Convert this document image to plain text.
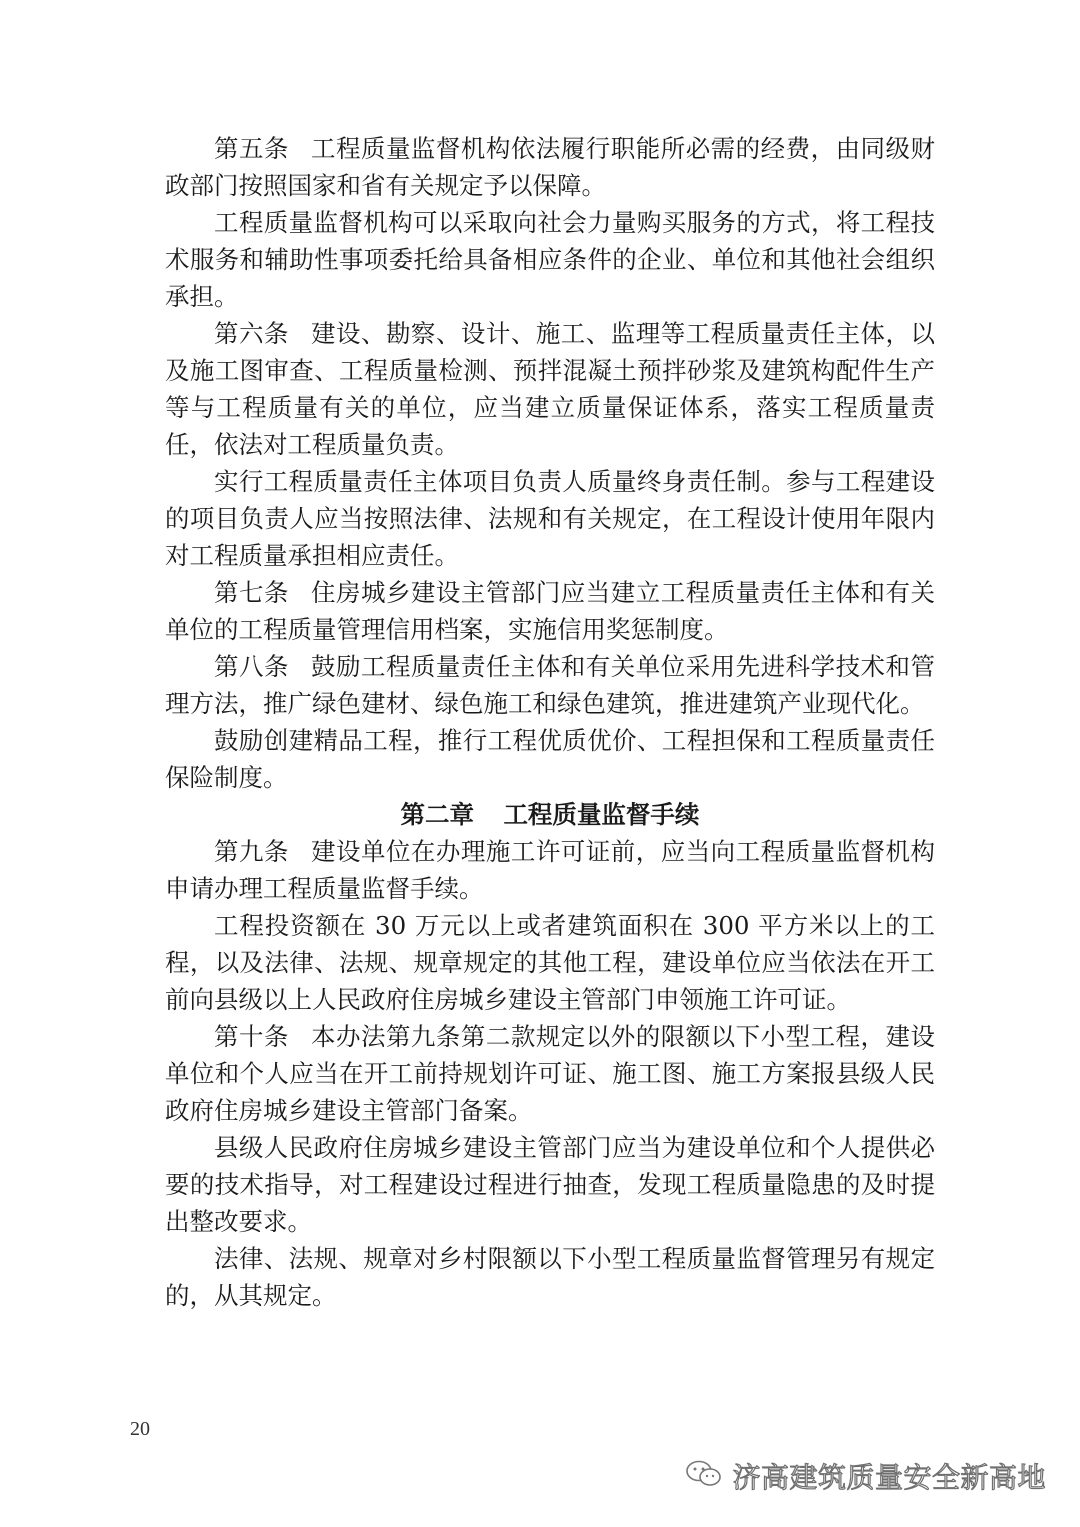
第五条 工程质量监督机构依法履行职能所必需的经费，由同级财政部门按照国家和省有关规定予以保障。

工程质量监督机构可以采取向社会力量购买服务的方式，将工程技术服务和辅助性事项委托给具备相应条件的企业、单位和其他社会组织承担。

第六条 建设、勘察、设计、施工、监理等工程质量责任主体，以及施工图审查、工程质量检测、预拌混凝土预拌砂浆及建筑构配件生产等与工程质量有关的单位，应当建立质量保证体系，落实工程质量责任，依法对工程质量负责。

实行工程质量责任主体项目负责人质量终身责任制。参与工程建设的项目负责人应当按照法律、法规和有关规定，在工程设计使用年限内对工程质量承担相应责任。

第七条 住房城乡建设主管部门应当建立工程质量责任主体和有关单位的工程质量管理信用档案，实施信用奖惩制度。

第八条 鼓励工程质量责任主体和有关单位采用先进科学技术和管理方法，推广绿色建材、绿色施工和绿色建筑，推进建筑产业现代化。

鼓励创建精品工程，推行工程优质优价、工程担保和工程质量责任保险制度。

第二章 工程质量监督手续

第九条 建设单位在办理施工许可证前，应当向工程质量监督机构申请办理工程质量监督手续。

工程投资额在 30 万元以上或者建筑面积在 300 平方米以上的工程，以及法律、法规、规章规定的其他工程，建设单位应当依法在开工前向县级以上人民政府住房城乡建设主管部门申领施工许可证。

第十条 本办法第九条第二款规定以外的限额以下小型工程，建设单位和个人应当在开工前持规划许可证、施工图、施工方案报县级人民政府住房城乡建设主管部门备案。

县级人民政府住房城乡建设主管部门应当为建设单位和个人提供必要的技术指导，对工程建设过程进行抽查，发现工程质量隐患的及时提出整改要求。

法律、法规、规章对乡村限额以下小型工程质量监督管理另有规定的，从其规定。

20
济高建筑质量安全新高地
